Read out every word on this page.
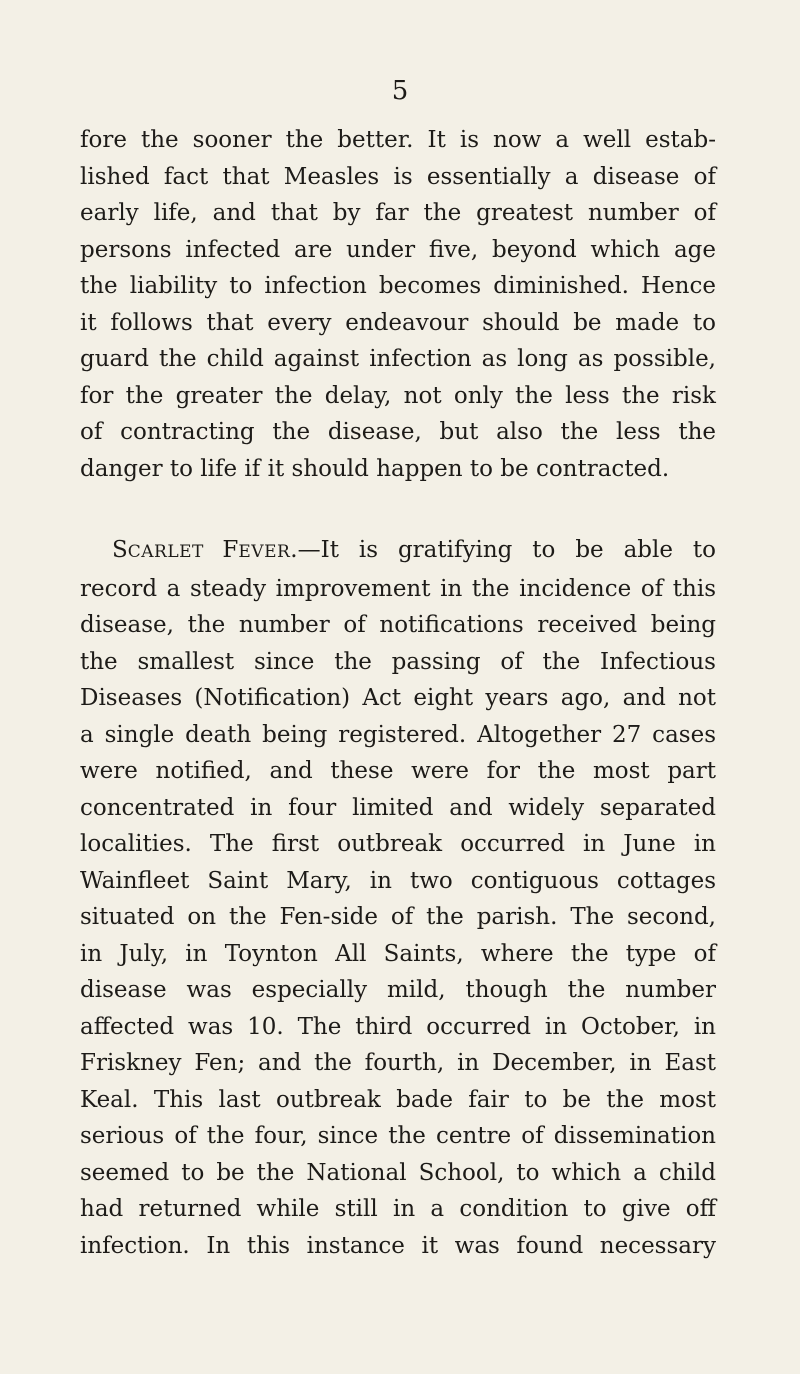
5
fore the sooner the better. It is now a well estab-
lished fact that Measles is essentially a disease of
early life, and that by far the greatest number of
persons infected are under five, beyond which age
the liability to infection becomes diminished. Hence
it follows that every endeavour should be made to
guard the child against infection as long as possible,
for the greater the delay, not only the less the risk
of contracting the disease, but also the less the
danger to life if it should happen to be contracted.
SCARLET FEVER.—It is gratifying to be able to
record a steady improvement in the incidence of this
disease, the number of notifications received being
the smallest since the passing of the Infectious
Diseases (Notification) Act eight years ago, and not
a single death being registered. Altogether 27 cases
were notified, and these were for the most part
concentrated in four limited and widely separated
localities. The first outbreak occurred in June in
Wainfleet Saint Mary, in two contiguous cottages
situated on the Fen-side of the parish. The second,
in July, in Toynton All Saints, where the type of
disease was especially mild, though the number
affected was 10. The third occurred in October, in
Friskney Fen; and the fourth, in December, in East
Keal. This last outbreak bade fair to be the most
serious of the four, since the centre of dissemination
seemed to be the National School, to which a child
had returned while still in a condition to give off
infection. In this instance it was found necessary
